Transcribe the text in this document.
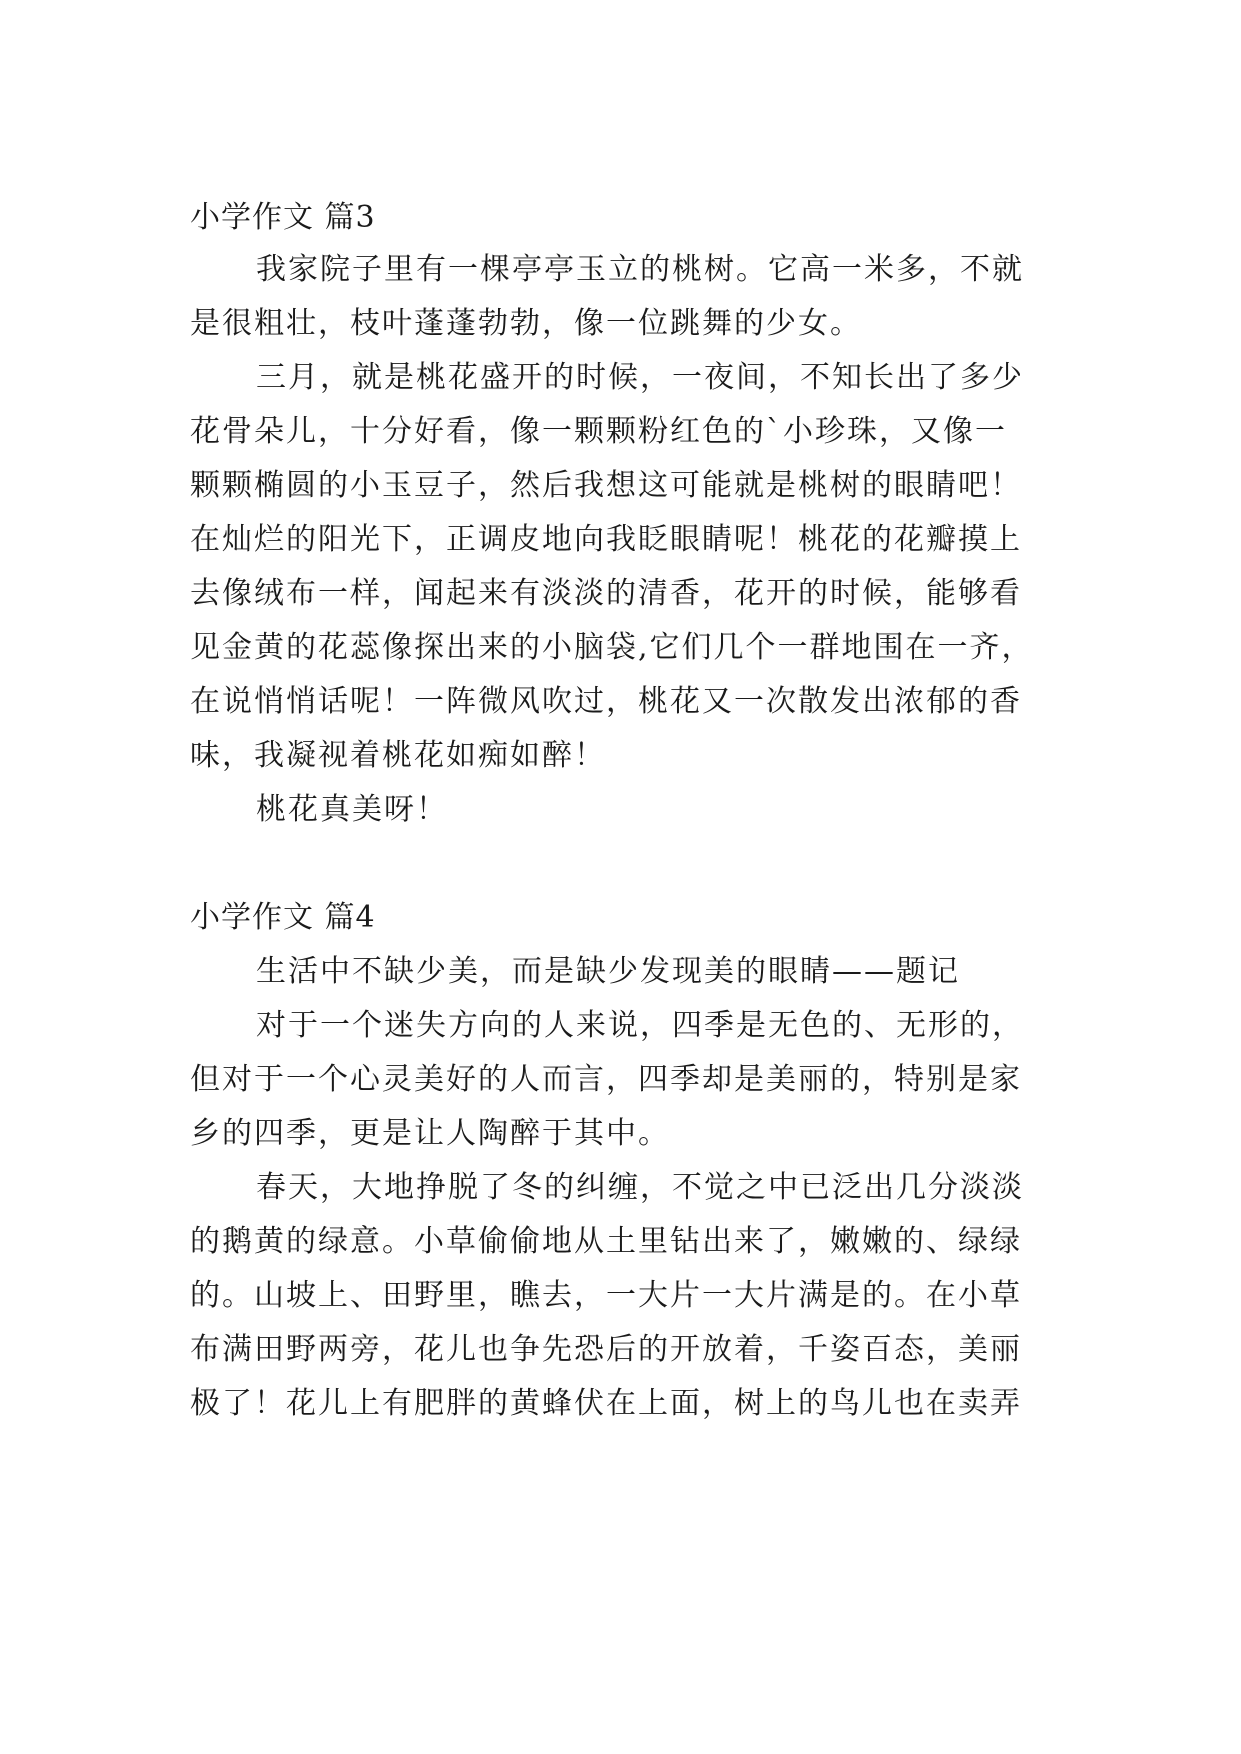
小学作文 篇3
我家院子里有一棵亭亭玉立的桃树。它高一米多，不就
是很粗壮，枝叶蓬蓬勃勃，像一位跳舞的少女。
三月，就是桃花盛开的时候，一夜间，不知长出了多少
花骨朵儿，十分好看，像一颗颗粉红色的`小珍珠，又像一
颗颗椭圆的小玉豆子，然后我想这可能就是桃树的眼睛吧！
在灿烂的阳光下，正调皮地向我眨眼睛呢！桃花的花瓣摸上
去像绒布一样，闻起来有淡淡的清香，花开的时候，能够看
见金黄的花蕊像探出来的小脑袋,它们几个一群地围在一齐，
在说悄悄话呢！一阵微风吹过，桃花又一次散发出浓郁的香
味，我凝视着桃花如痴如醉！
桃花真美呀！
小学作文 篇4
生活中不缺少美，而是缺少发现美的眼睛——题记
对于一个迷失方向的人来说，四季是无色的、无形的，
但对于一个心灵美好的人而言，四季却是美丽的，特别是家
乡的四季，更是让人陶醉于其中。
春天，大地挣脱了冬的纠缠，不觉之中已泛出几分淡淡
的鹅黄的绿意。小草偷偷地从土里钻出来了，嫩嫩的、绿绿
的。山坡上、田野里，瞧去，一大片一大片满是的。在小草
布满田野两旁，花儿也争先恐后的开放着，千姿百态，美丽
极了！花儿上有肥胖的黄蜂伏在上面，树上的鸟儿也在卖弄
